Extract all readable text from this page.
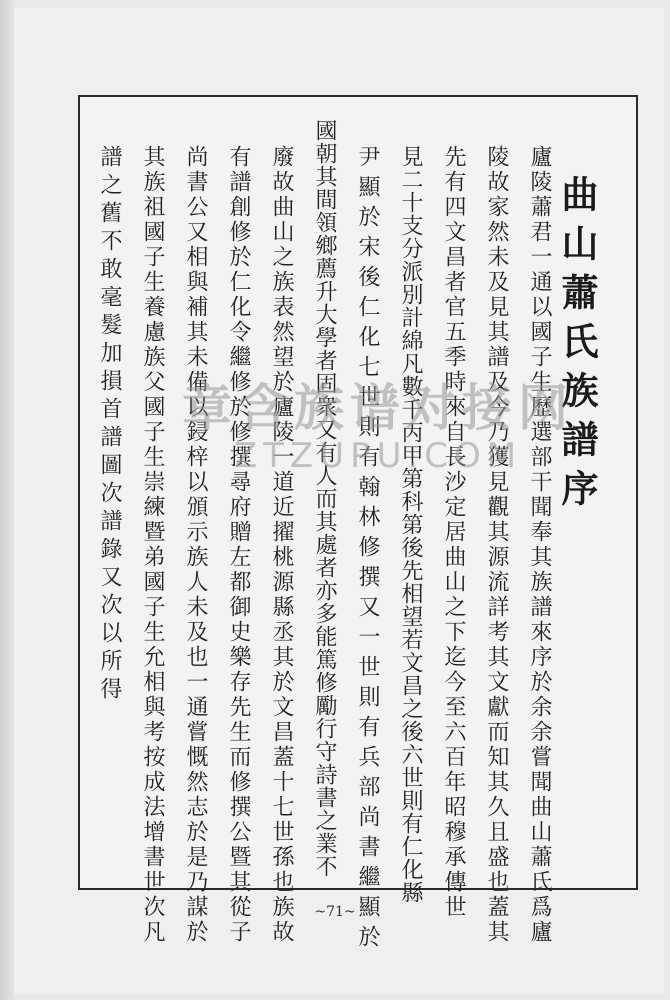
曲山蕭氏族譜序
廬陵蕭君一通以國子生歷選部干聞奉其族譜來序於余余嘗聞曲山蕭氏爲廬
陵故家然未及見其譜及今乃獲見觀其源流詳考其文獻而知其久且盛也蓋其
先有四文昌者官五季時來自長沙定居曲山之下迄今至六百年昭穆承傳世
見二十支分派別計綿凡數千丙甲第科第後先相望若文昌之後六世則有仁化縣
尹顯於宋後仁化七世則有翰林修撰又一世則有兵部尚書繼顯於
國朝其間領鄉薦升大學者固衆又有人而其處者亦多能篤修勵行守詩書之業不
廢故曲山之族表然望於廬陵一道近擢桃源縣丞其於文昌蓋十七世孫也族故
有譜創修於仁化令繼修於修撰尋府贈左都御史樂存先生而修撰公暨其從子
尚書公又相與補其未備以鋟梓以頒示族人未及也一通嘗慨然志於是乃謀於
其族祖國子生養慮族父國子生崇練暨弟國子生允相與考按成法增書世次凡
譜之舊不敢毫髮加損首譜圖次譜錄又次以所得	章含族谱对接网
ZTZUPU.COM
~71~
